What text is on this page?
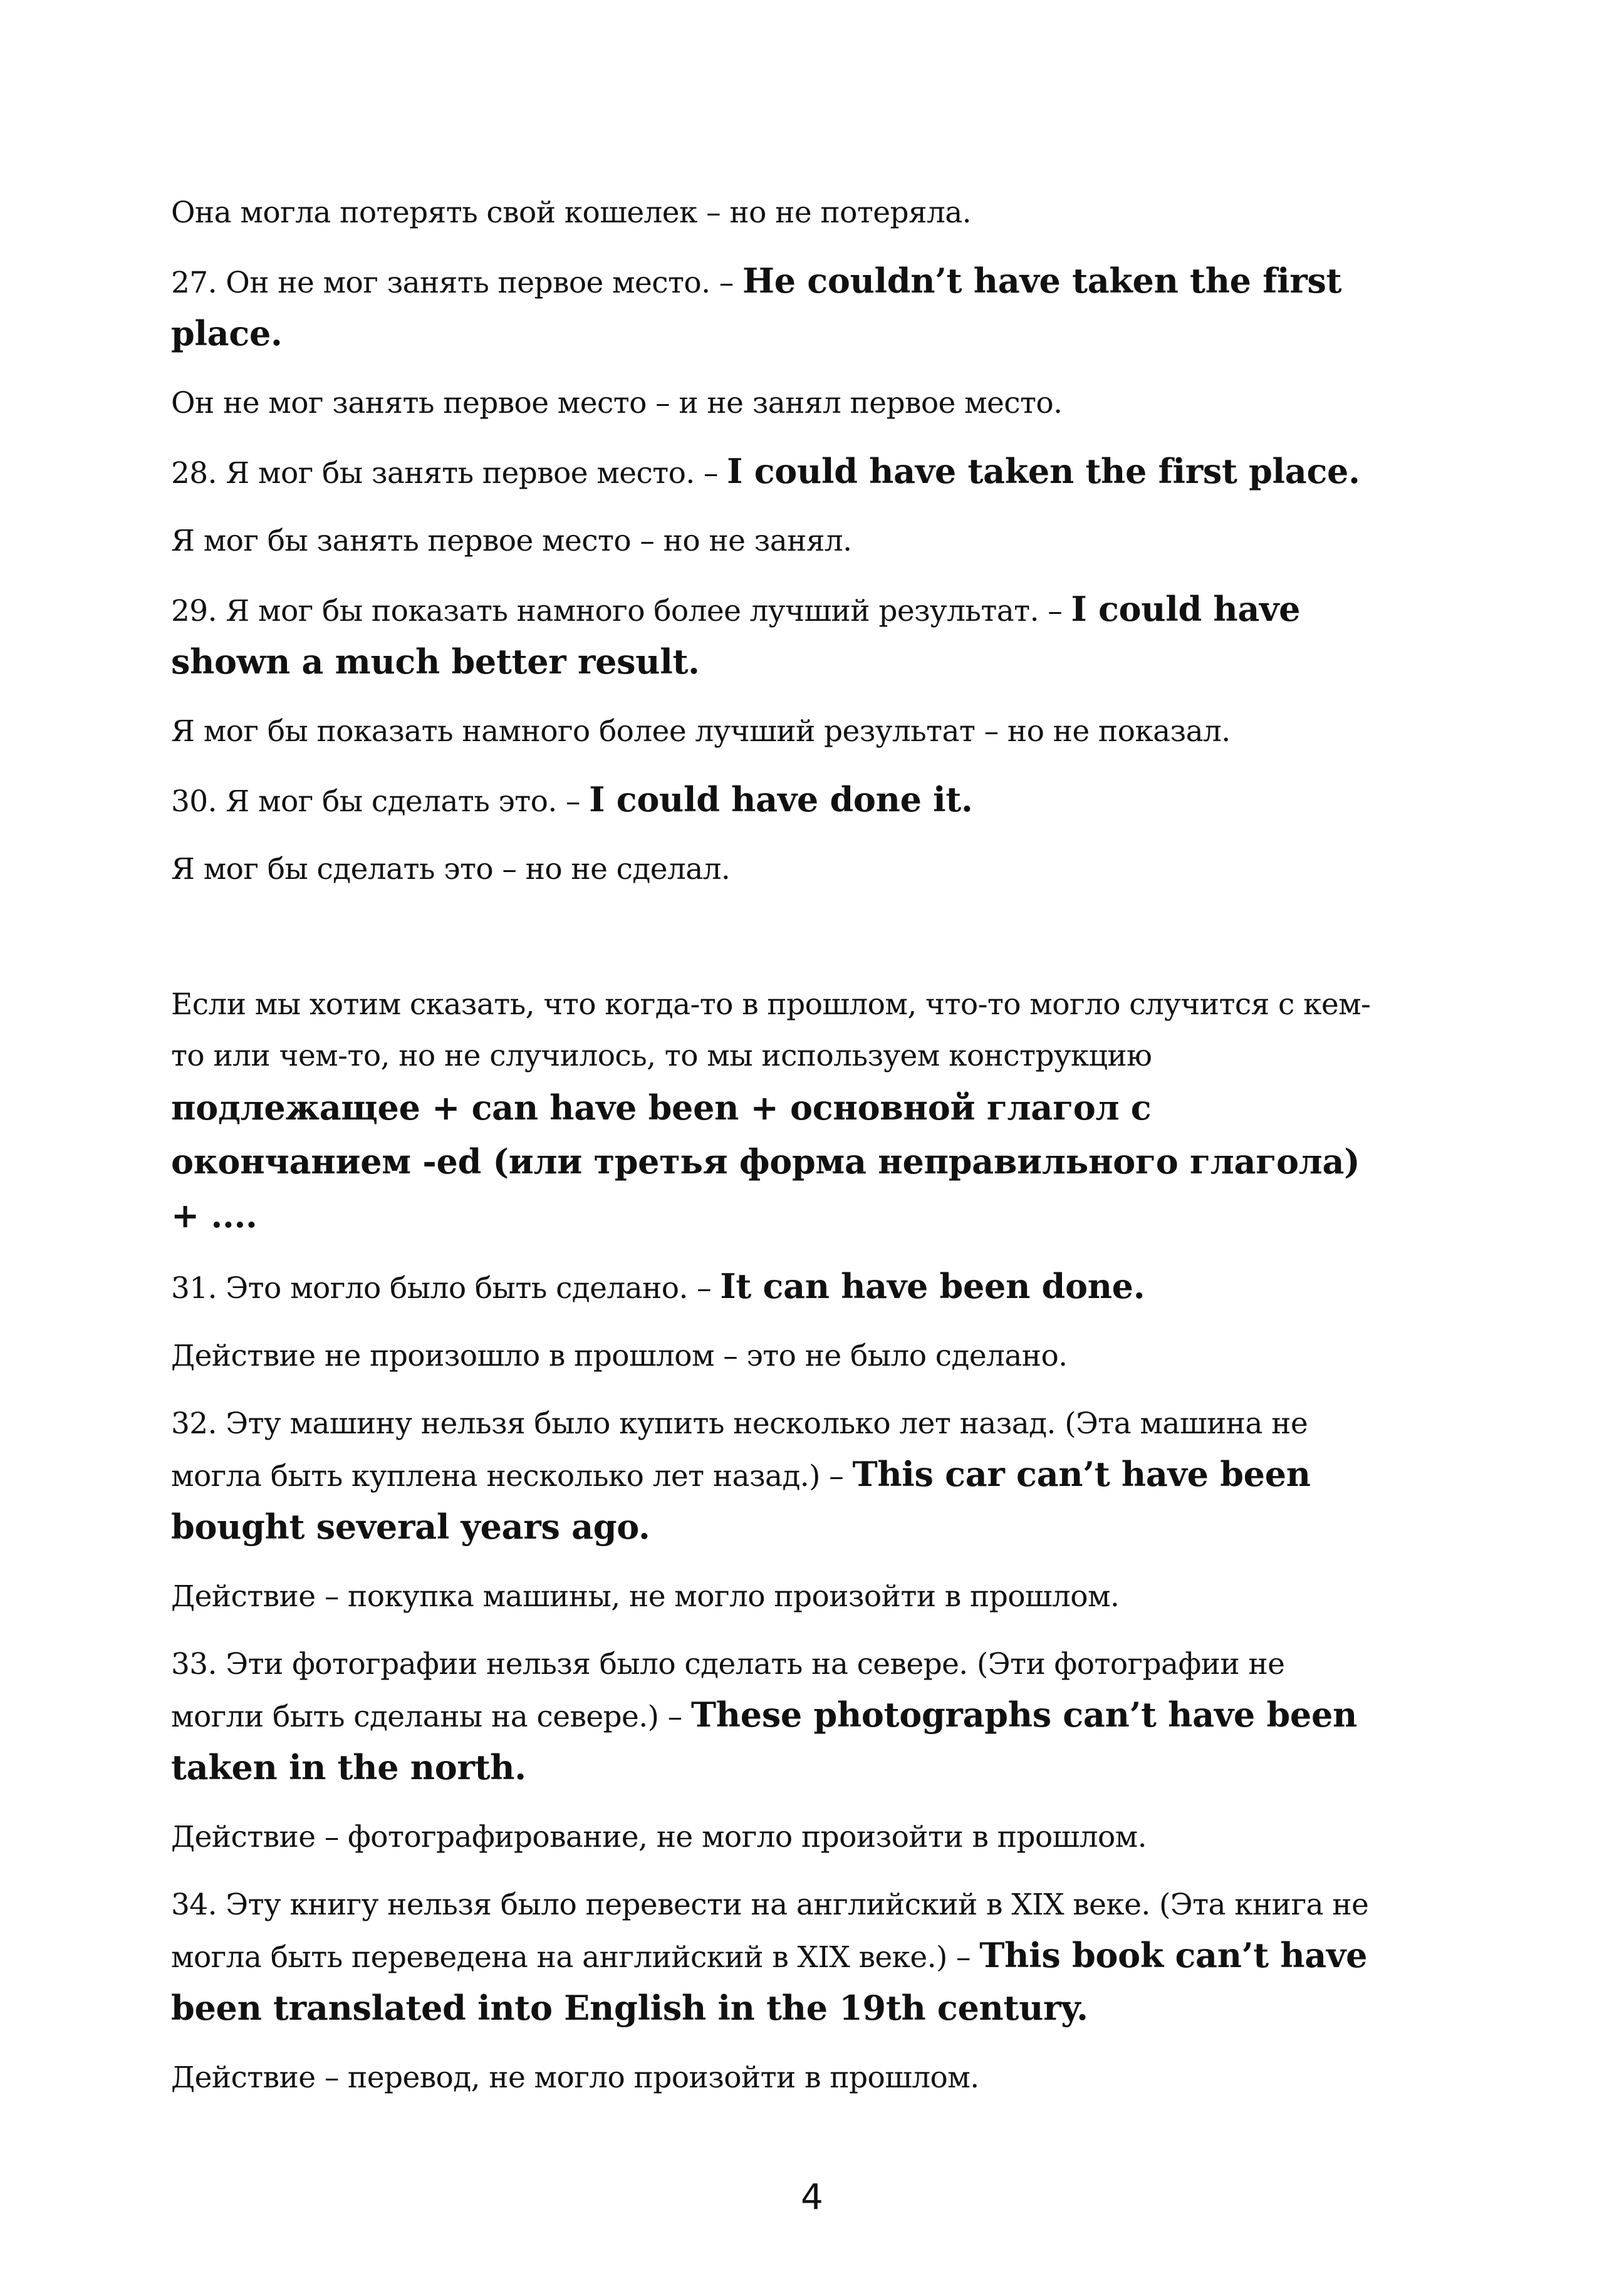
Она могла потерять свой кошелек – но не потеряла.

27. Он не мог занять первое место. – He couldn’t have taken the first place.

Он не мог занять первое место – и не занял первое место.

28. Я мог бы занять первое место. – I could have taken the first place.

Я мог бы занять первое место – но не занял.

29. Я мог бы показать намного более лучший результат. – I could have shown a much better result.

Я мог бы показать намного более лучший результат – но не показал.

30. Я мог бы сделать это. – I could have done it.

Я мог бы сделать это – но не сделал.

Если мы хотим сказать, что когда-то в прошлом, что-то могло случится с кем-то или чем-то, но не случилось, то мы используем конструкцию подлежащее + can have been + основной глагол с окончанием -ed (или третья форма неправильного глагола) + ....

31. Это могло было быть сделано. – It can have been done.

Действие не произошло в прошлом – это не было сделано.

32. Эту машину нельзя было купить несколько лет назад. (Эта машина не могла быть куплена несколько лет назад.) – This car can’t have been bought several years ago.

Действие – покупка машины, не могло произойти в прошлом.

33. Эти фотографии нельзя было сделать на севере. (Эти фотографии не могли быть сделаны на севере.) – These photographs can’t have been taken in the north.

Действие – фотографирование, не могло произойти в прошлом.

34. Эту книгу нельзя было перевести на английский в XIX веке. (Эта книга не могла быть переведена на английский в XIX веке.) – This book can’t have been translated into English in the 19th century.

Действие – перевод, не могло произойти в прошлом.

4
